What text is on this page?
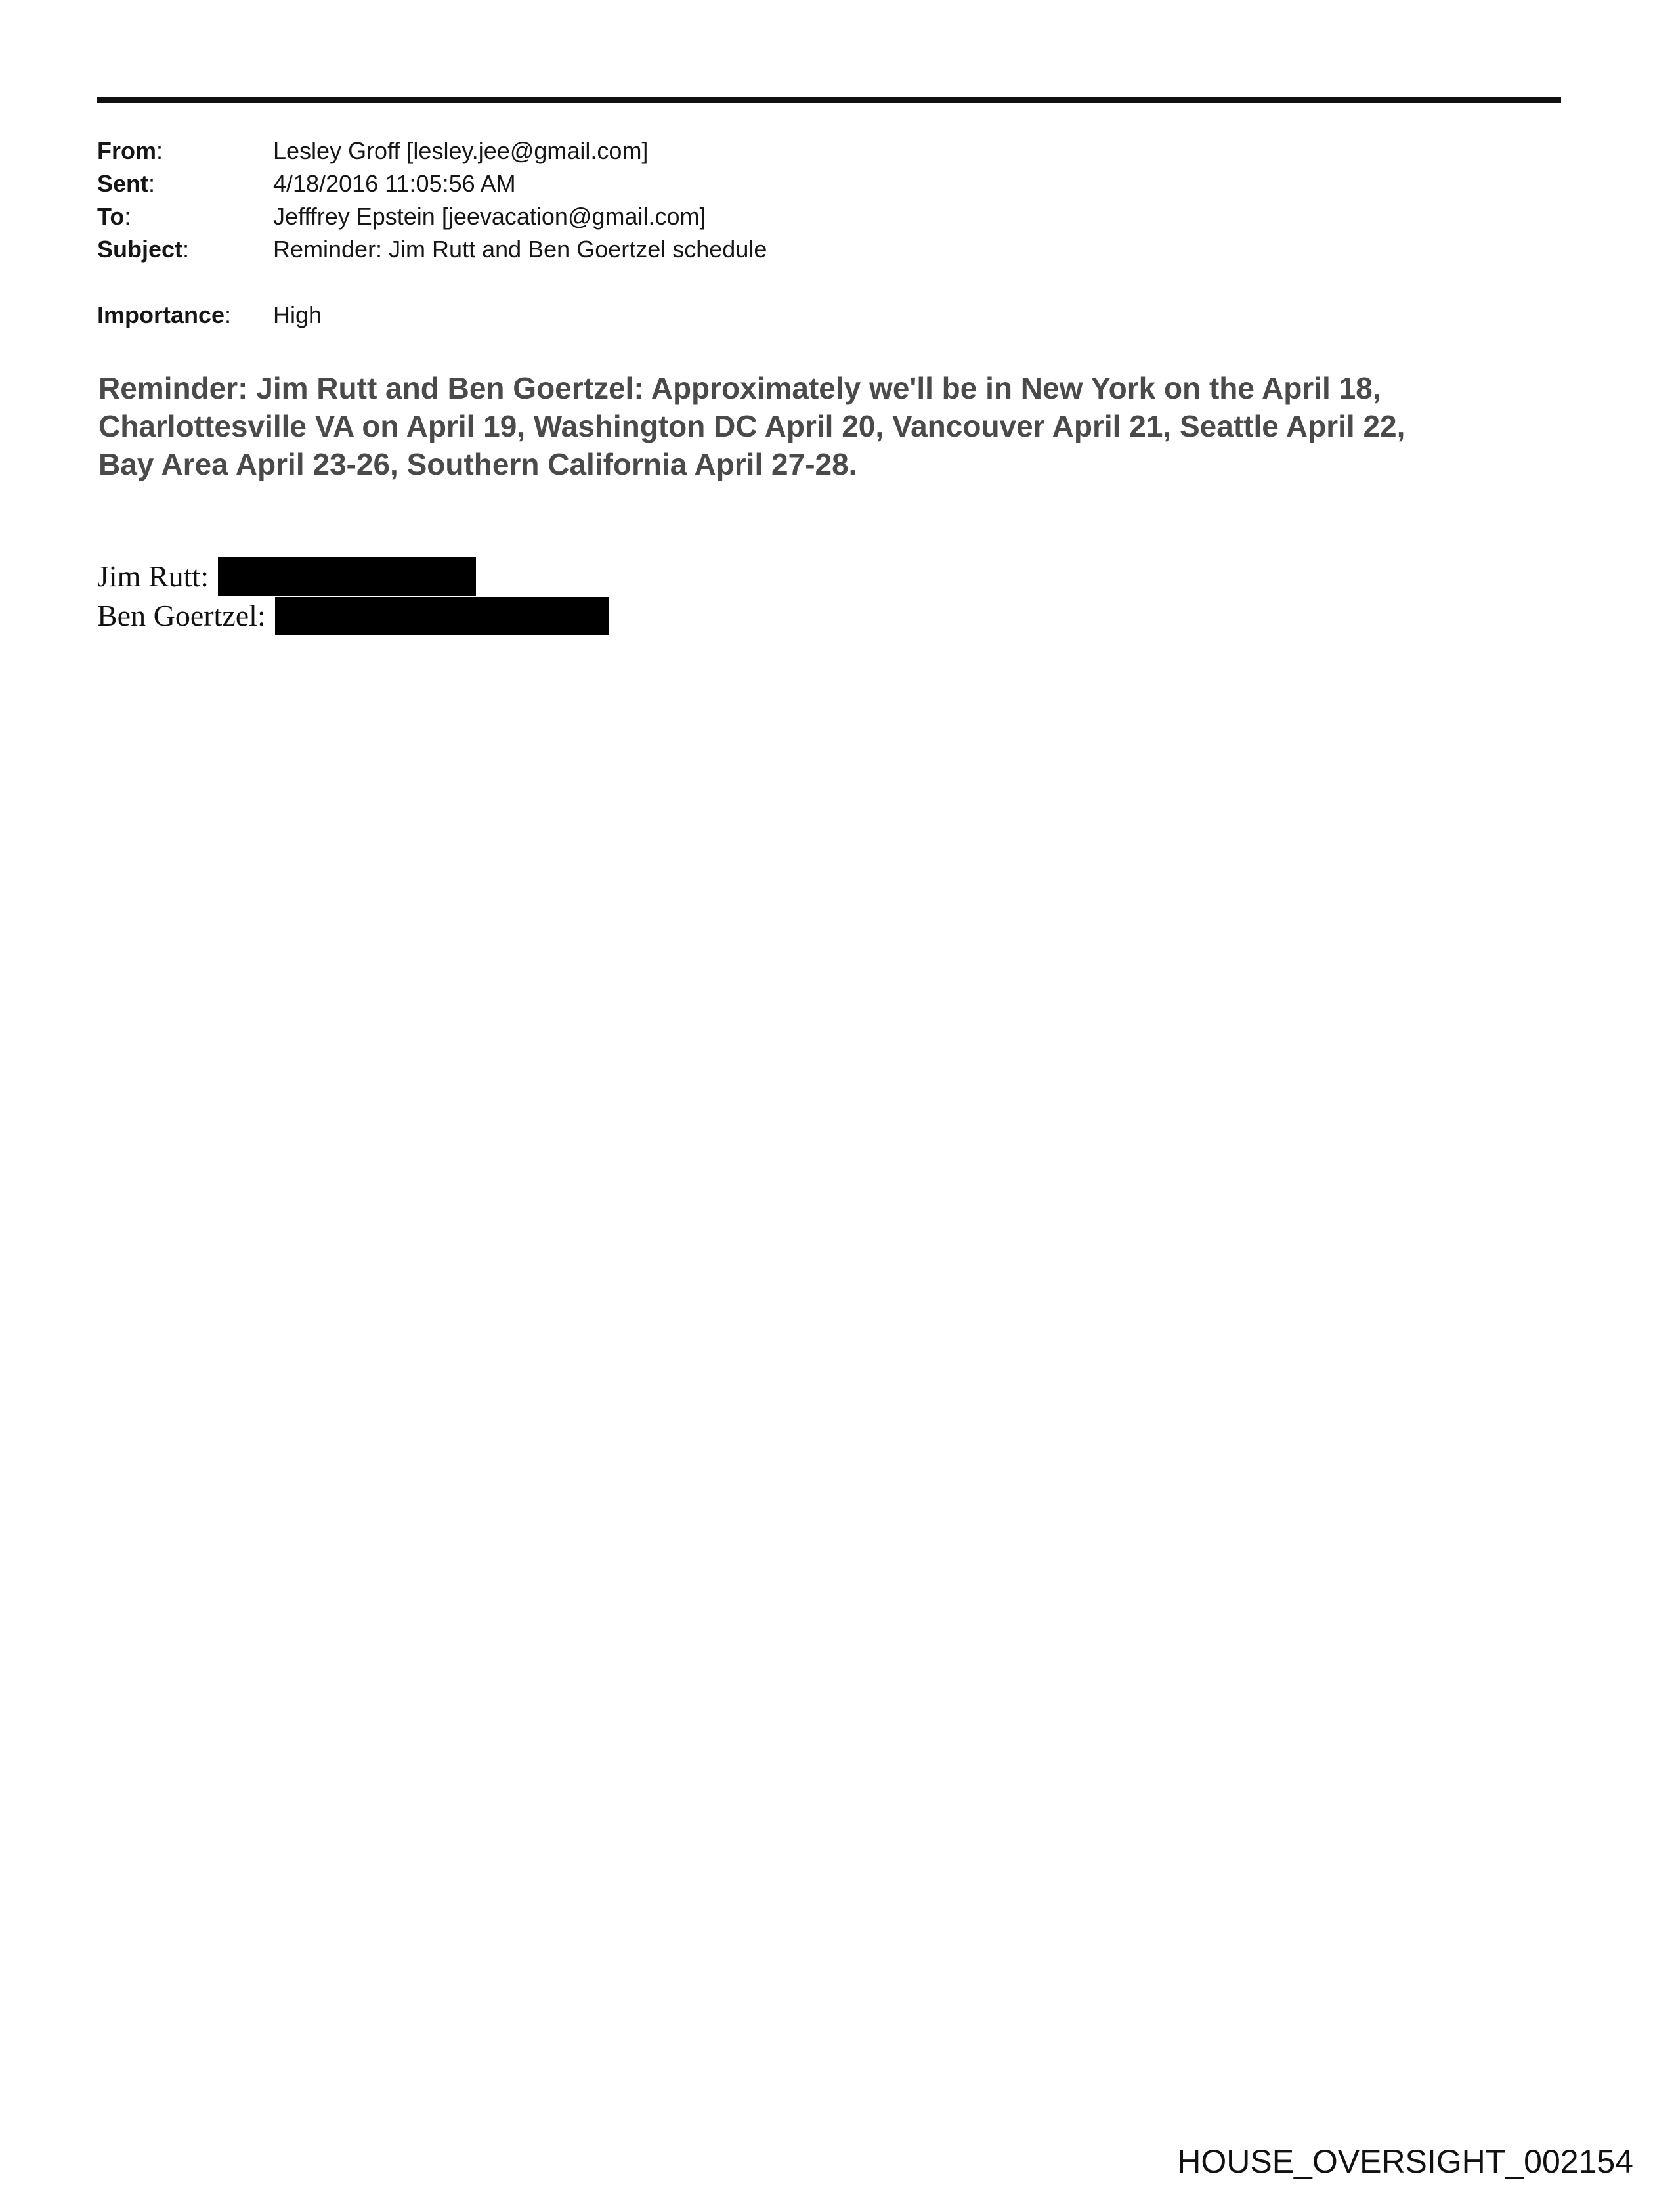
From:	Lesley Groff [lesley.jee@gmail.com]
Sent:	4/18/2016 11:05:56 AM
To:	Jefffrey Epstein [jeevacation@gmail.com]
Subject:	Reminder: Jim Rutt and Ben Goertzel schedule
Importance:	High

Reminder: Jim Rutt and Ben Goertzel: Approximately we'll be in New York on the April 18,

Charlottesville VA on April 19, Washington DC April 20, Vancouver April 21, Seattle April 22,

Bay Area April 23-26, Southern California April 27-28.

Jim Rutt:
Ben Goertzel:
HOUSE_OVERSIGHT_002154
